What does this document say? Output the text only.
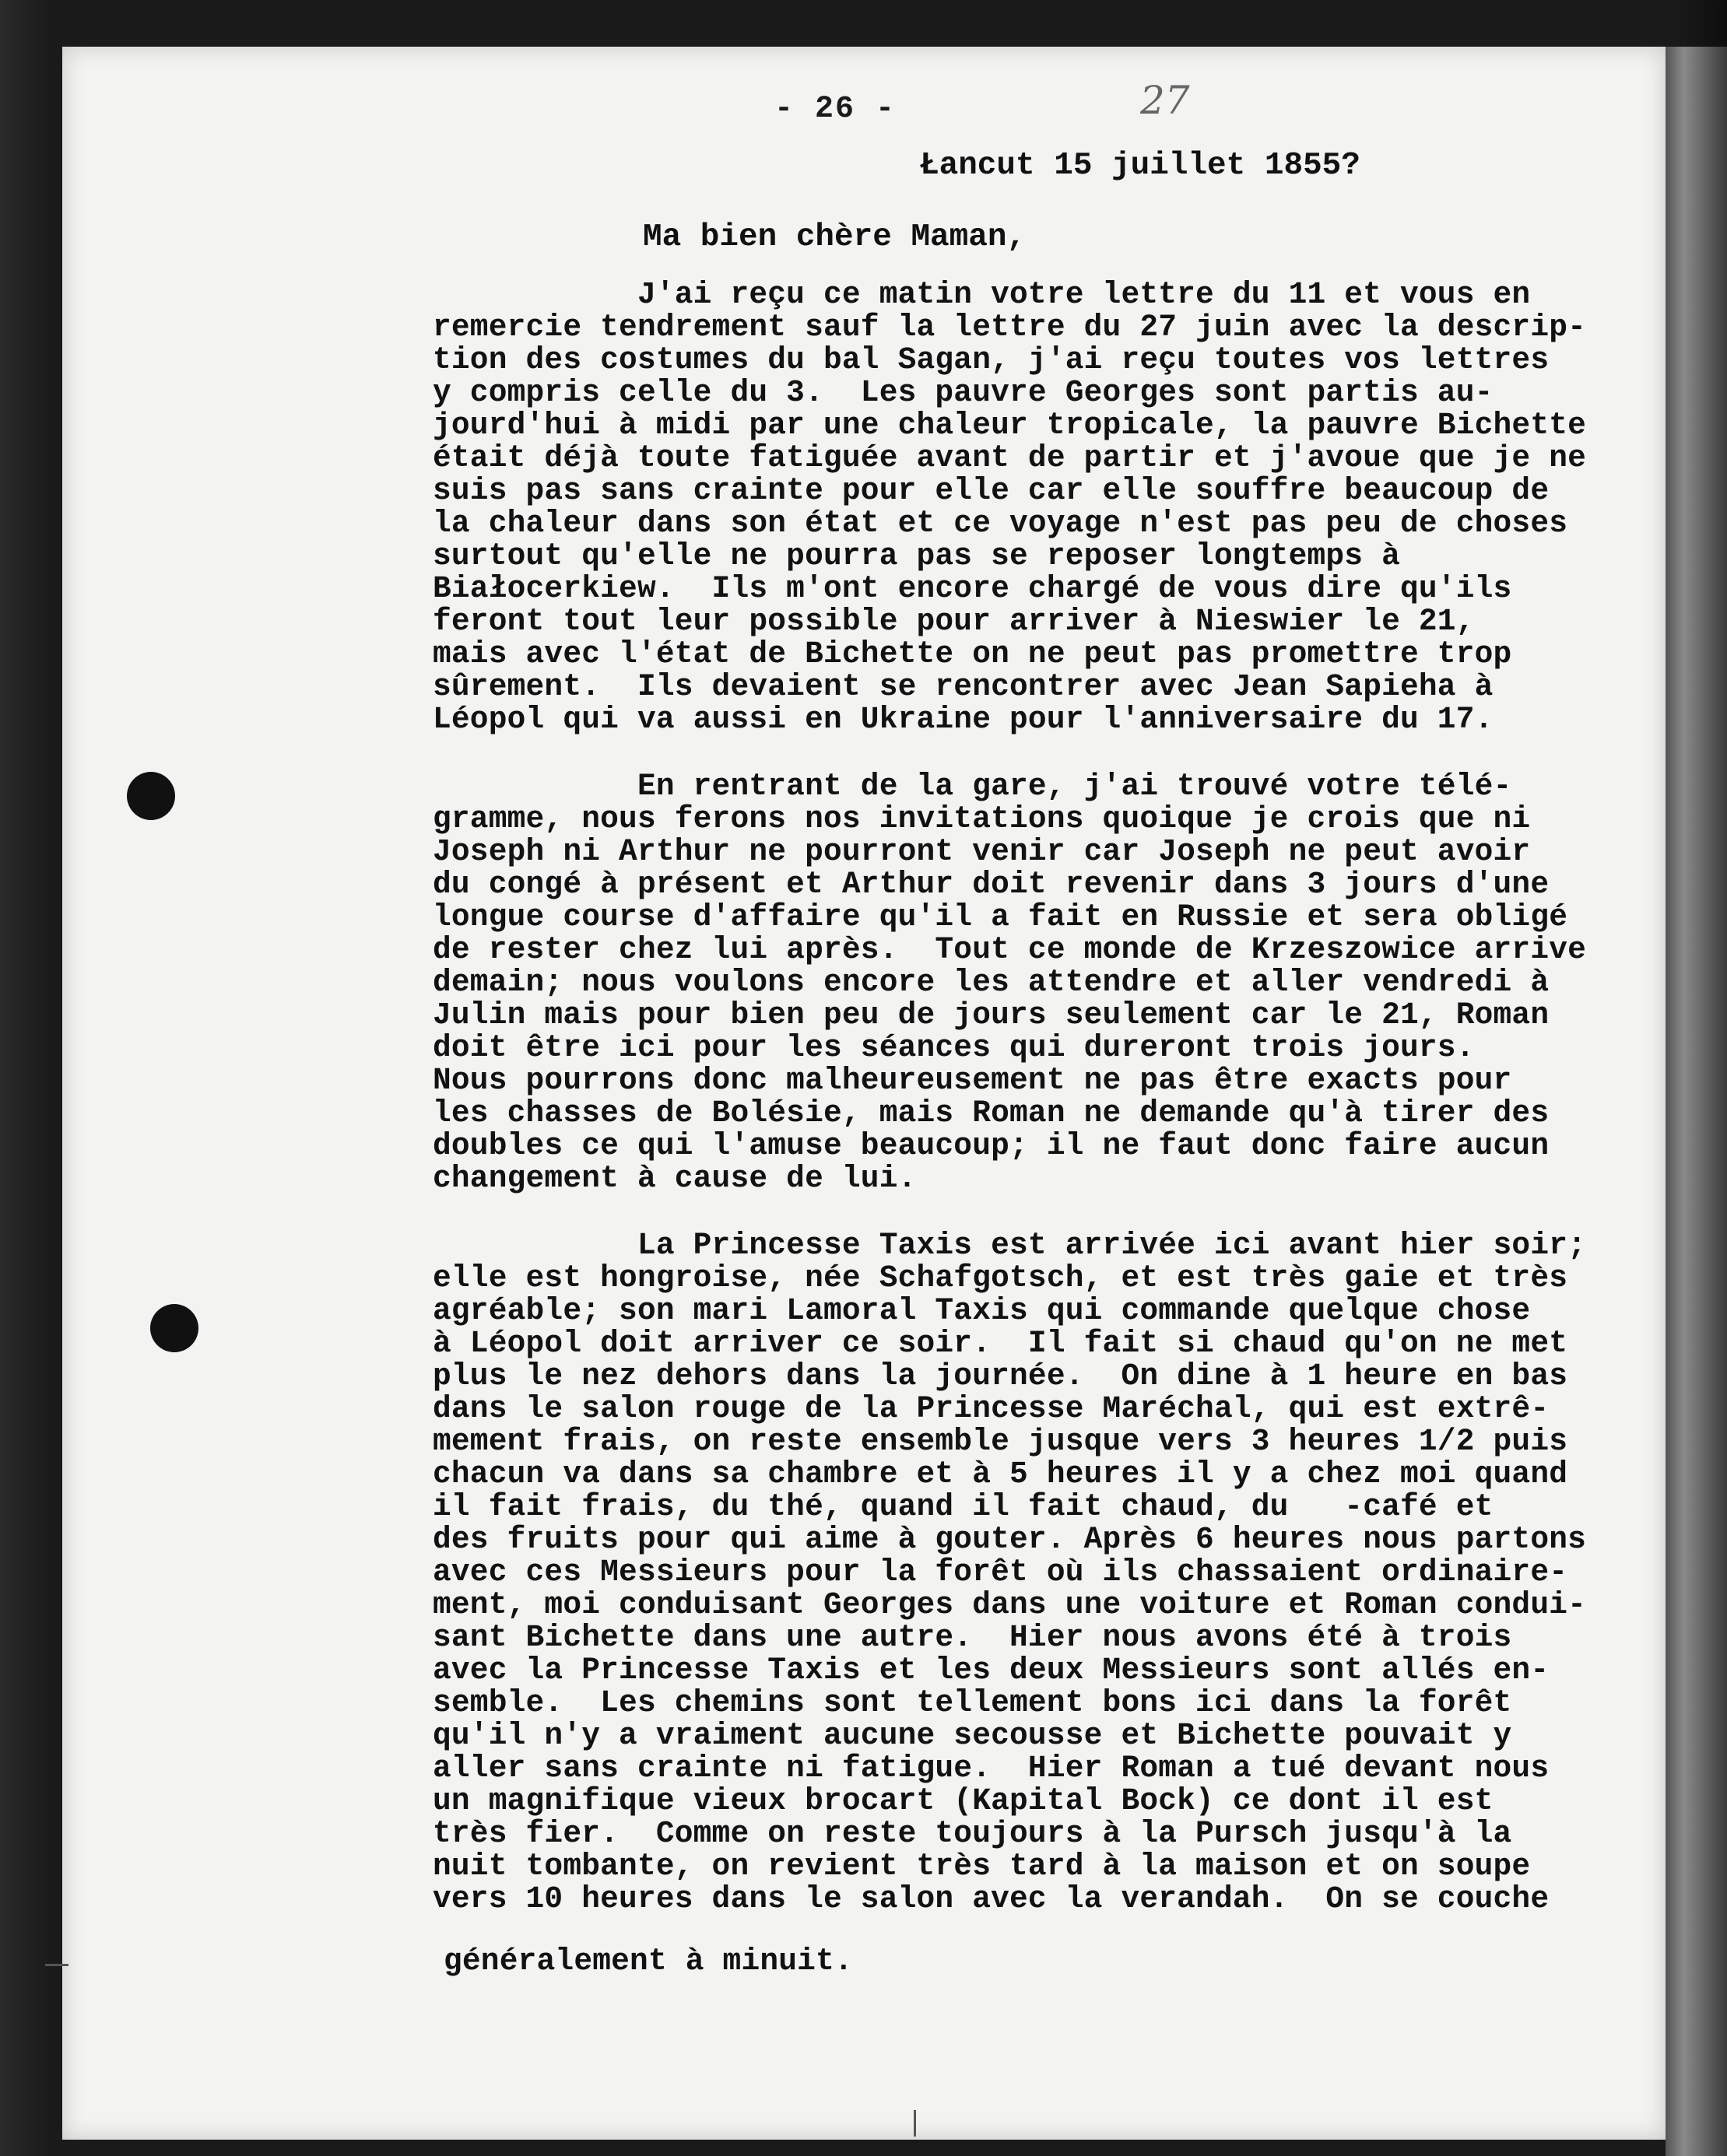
- 26 -	27
Łancut 15 juillet 1855?
Ma bien chère Maman,
J'ai reçu ce matin votre lettre du 11 et vous en
remercie tendrement sauf la lettre du 27 juin avec la descrip-
tion des costumes du bal Sagan, j'ai reçu toutes vos lettres
y compris celle du 3.  Les pauvre Georges sont partis au-
jourd'hui à midi par une chaleur tropicale, la pauvre Bichette
était déjà toute fatiguée avant de partir et j'avoue que je ne
suis pas sans crainte pour elle car elle souffre beaucoup de
la chaleur dans son état et ce voyage n'est pas peu de choses
surtout qu'elle ne pourra pas se reposer longtemps à
Białocerkiew.  Ils m'ont encore chargé de vous dire qu'ils
feront tout leur possible pour arriver à Nieswier le 21,
mais avec l'état de Bichette on ne peut pas promettre trop
sûrement.  Ils devaient se rencontrer avec Jean Sapieha à
Léopol qui va aussi en Ukraine pour l'anniversaire du 17.
En rentrant de la gare, j'ai trouvé votre télé-
gramme, nous ferons nos invitations quoique je crois que ni
Joseph ni Arthur ne pourront venir car Joseph ne peut avoir
du congé à présent et Arthur doit revenir dans 3 jours d'une
longue course d'affaire qu'il a fait en Russie et sera obligé
de rester chez lui après.  Tout ce monde de Krzeszowice arrive
demain; nous voulons encore les attendre et aller vendredi à
Julin mais pour bien peu de jours seulement car le 21, Roman
doit être ici pour les séances qui dureront trois jours.
Nous pourrons donc malheureusement ne pas être exacts pour
les chasses de Bolésie, mais Roman ne demande qu'à tirer des
doubles ce qui l'amuse beaucoup; il ne faut donc faire aucun
changement à cause de lui.
La Princesse Taxis est arrivée ici avant hier soir;
elle est hongroise, née Schafgotsch, et est très gaie et très
agréable; son mari Lamoral Taxis qui commande quelque chose
à Léopol doit arriver ce soir.  Il fait si chaud qu'on ne met
plus le nez dehors dans la journée.  On dine à 1 heure en bas
dans le salon rouge de la Princesse Maréchal, qui est extrê-
mement frais, on reste ensemble jusque vers 3 heures 1/2 puis
chacun va dans sa chambre et à 5 heures il y a chez moi quand
il fait frais, du thé, quand il fait chaud, du   -café et
des fruits pour qui aime à gouter. Après 6 heures nous partons
avec ces Messieurs pour la forêt où ils chassaient ordinaire-
ment, moi conduisant Georges dans une voiture et Roman condui-
sant Bichette dans une autre.  Hier nous avons été à trois
avec la Princesse Taxis et les deux Messieurs sont allés en-
semble.  Les chemins sont tellement bons ici dans la forêt
qu'il n'y a vraiment aucune secousse et Bichette pouvait y
aller sans crainte ni fatigue.  Hier Roman a tué devant nous
un magnifique vieux brocart (Kapital Bock) ce dont il est
très fier.  Comme on reste toujours à la Pursch jusqu'à la
nuit tombante, on revient très tard à la maison et on soupe
vers 10 heures dans le salon avec la verandah.  On se couche
généralement à minuit.
